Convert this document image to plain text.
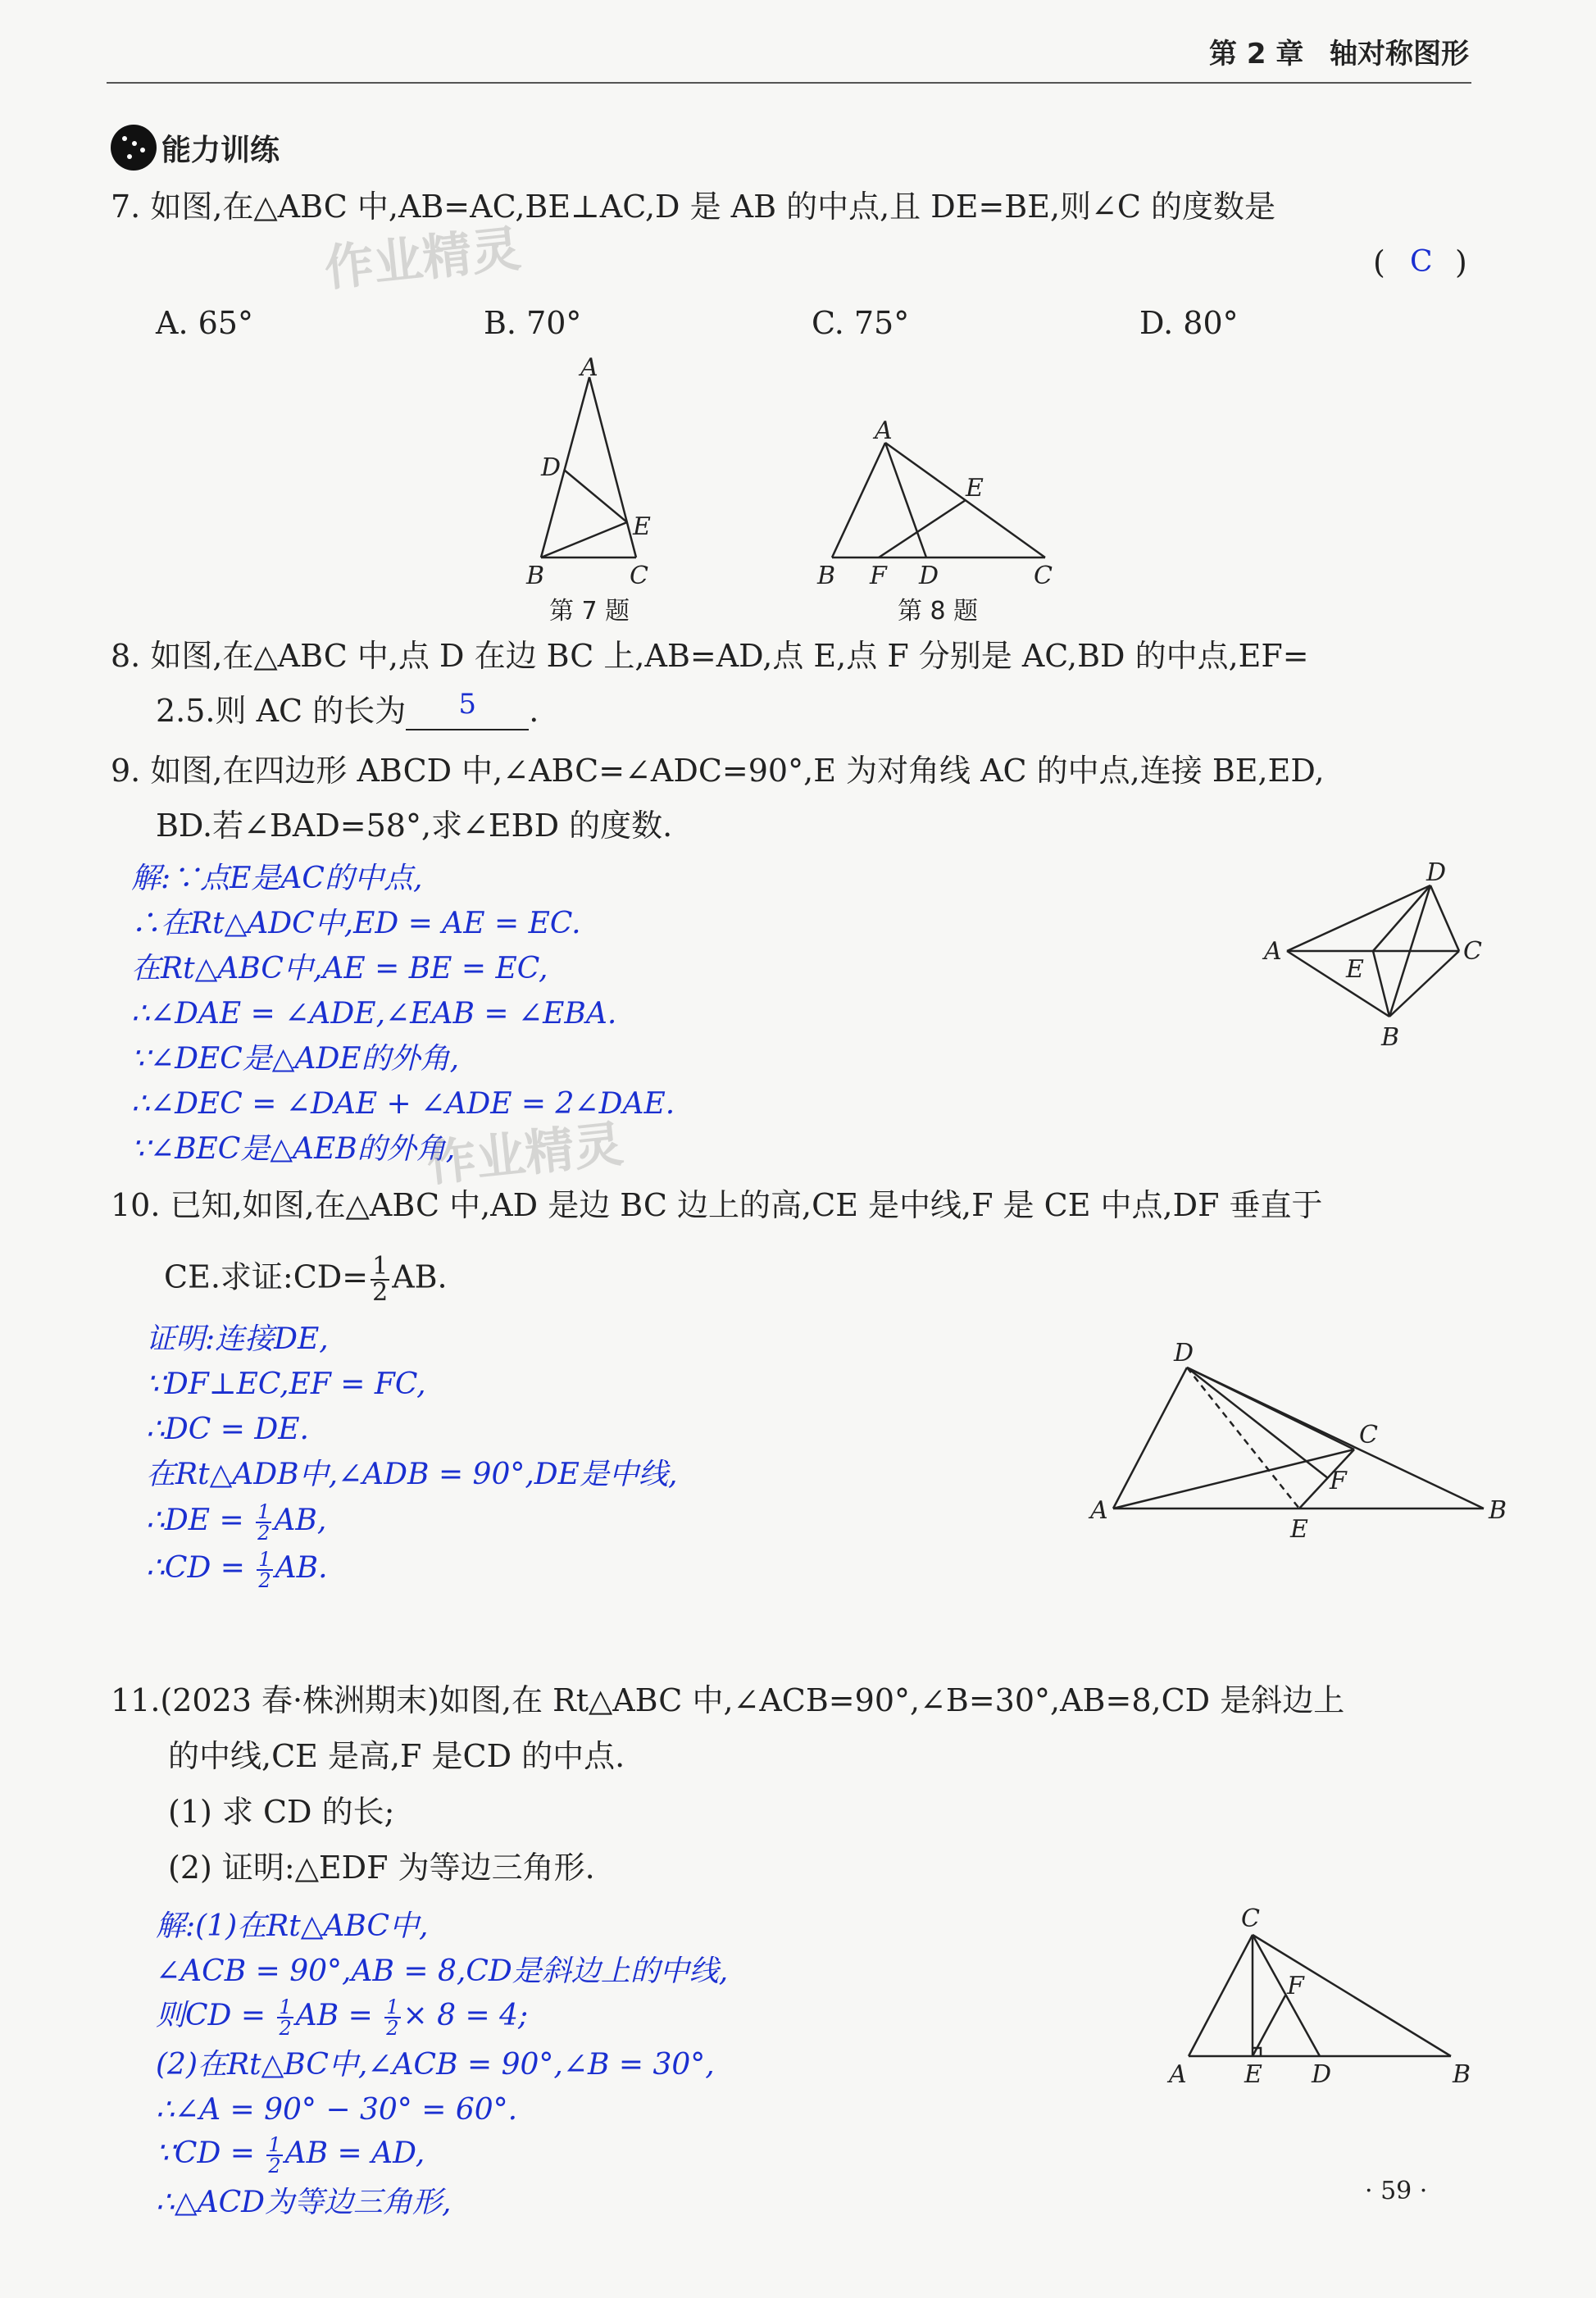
第 2 章 轴对称图形
能力训练
7. 如图,在△ABC 中,AB=AC,BE⊥AC,D 是 AB 的中点,且 DE=BE,则∠C 的度数是
作业精灵	( C )
A. 65°	B. 70°	C. 75°	D. 80°
A
D
E
B	C
第 7 题
A
E
B F D	C
第 8 题
8. 如图,在△ABC 中,点 D 在边 BC 上,AB=AD,点 E,点 F 分别是 AC,BD 的中点,EF=
2.5.则 AC 的长为	5	.
9. 如图,在四边形 ABCD 中,∠ABC=∠ADC=90°,E 为对角线 AC 的中点,连接 BE,ED,
BD.若∠BAD=58°,求∠EBD 的度数.
解:∵点E是AC的中点,
∴在Rt△ADC中,ED = AE = EC.
在Rt△ABC中,AE = BE = EC,
∴∠DAE = ∠ADE,∠EAB = ∠EBA.
∵∠DEC是△ADE的外角,
∴∠DEC = ∠DAE + ∠ADE = 2∠DAE.
∵∠BEC是△AEB的外角,
作业精灵
D
A	C
E
B
10. 已知,如图,在△ABC 中,AD 是边 BC 边上的高,CE 是中线,F 是 CE 中点,DF 垂直于
CE.求证:CD= $\frac{1}{2}$ AB.
证明:连接DE,
∵DF⊥EC,EF = FC,
∴DC = DE.
在Rt△ADB中,∠ADB = 90°,DE是中线,
∴DE = $\frac{1}{2}$ AB,
∴CD = $\frac{1}{2}$ AB.
D
C
F
A
E
B
11.(2023 春·株洲期末)如图,在 Rt△ABC 中,∠ACB=90°,∠B=30°,AB=8,CD 是斜边上
的中线,CE 是高,F 是CD 的中点.
(1) 求 CD 的长;
(2) 证明:△EDF 为等边三角形.
解:(1)在Rt△ABC中,
∠ACB = 90°,AB = 8,CD是斜边上的中线,
则CD = $\frac{1}{2}$ AB = $\frac{1}{2} \times 8 = 4$;
(2)在Rt△BC中,∠ACB = 90°,∠B = 30°,
∴∠A = 90° − 30° = 60°.
∵CD = $\frac{1}{2}$ AB = AD,
∴△ACD为等边三角形,
C
F
A E D	B
· 59 ·
